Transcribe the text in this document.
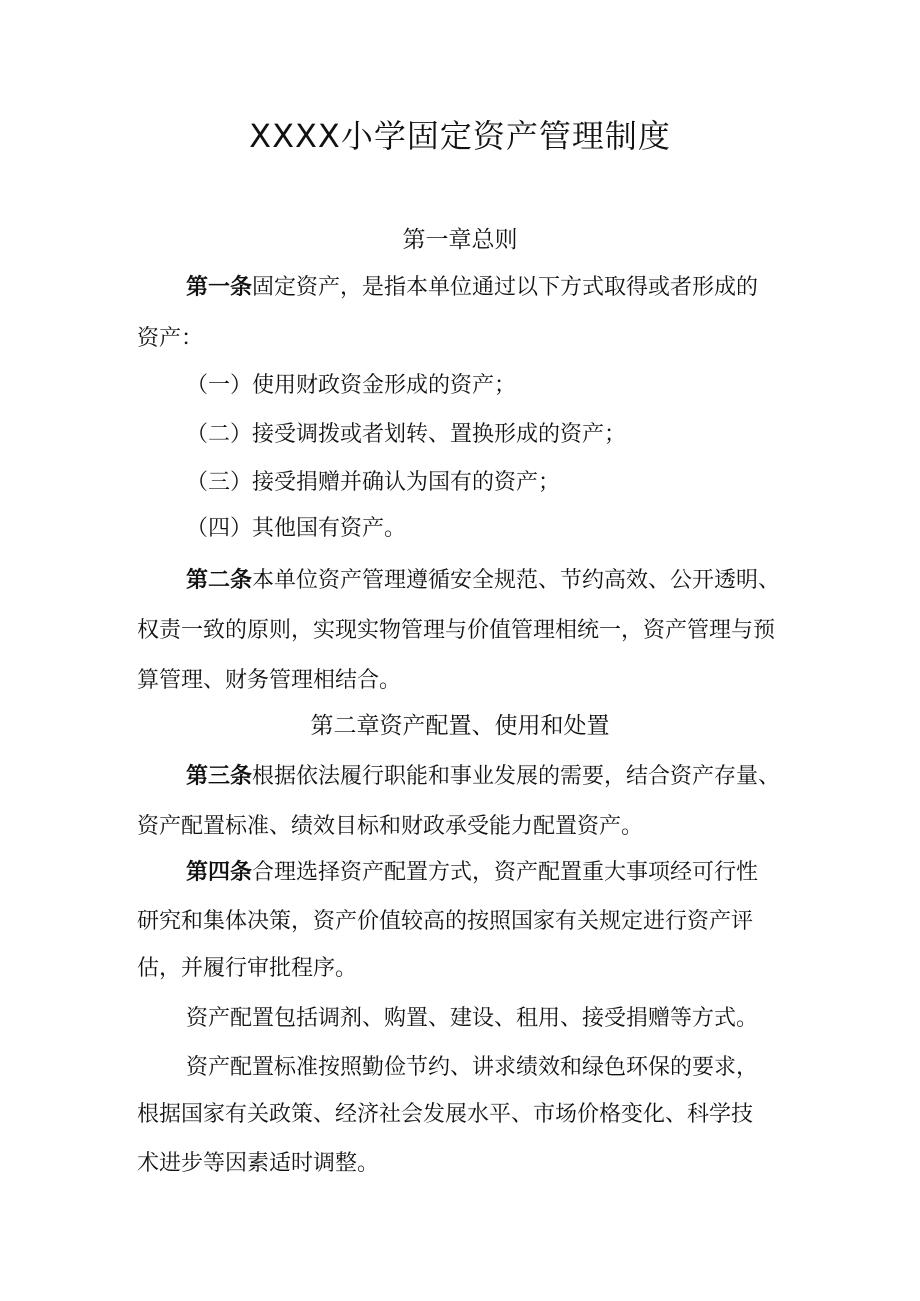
XXXX小学固定资产管理制度
第一章总则
第一条固定资产，是指本单位通过以下方式取得或者形成的
资产：
（一）使用财政资金形成的资产；
（二）接受调拨或者划转、置换形成的资产；
（三）接受捐赠并确认为国有的资产；
（四）其他国有资产。
第二条本单位资产管理遵循安全规范、节约高效、公开透明、
权责一致的原则，实现实物管理与价值管理相统一，资产管理与预
算管理、财务管理相结合。
第二章资产配置、使用和处置
第三条根据依法履行职能和事业发展的需要，结合资产存量、
资产配置标准、绩效目标和财政承受能力配置资产。
第四条合理选择资产配置方式，资产配置重大事项经可行性
研究和集体决策，资产价值较高的按照国家有关规定进行资产评
估，并履行审批程序。
资产配置包括调剂、购置、建设、租用、接受捐赠等方式。
资产配置标准按照勤俭节约、讲求绩效和绿色环保的要求，
根据国家有关政策、经济社会发展水平、市场价格变化、科学技
术进步等因素适时调整。
